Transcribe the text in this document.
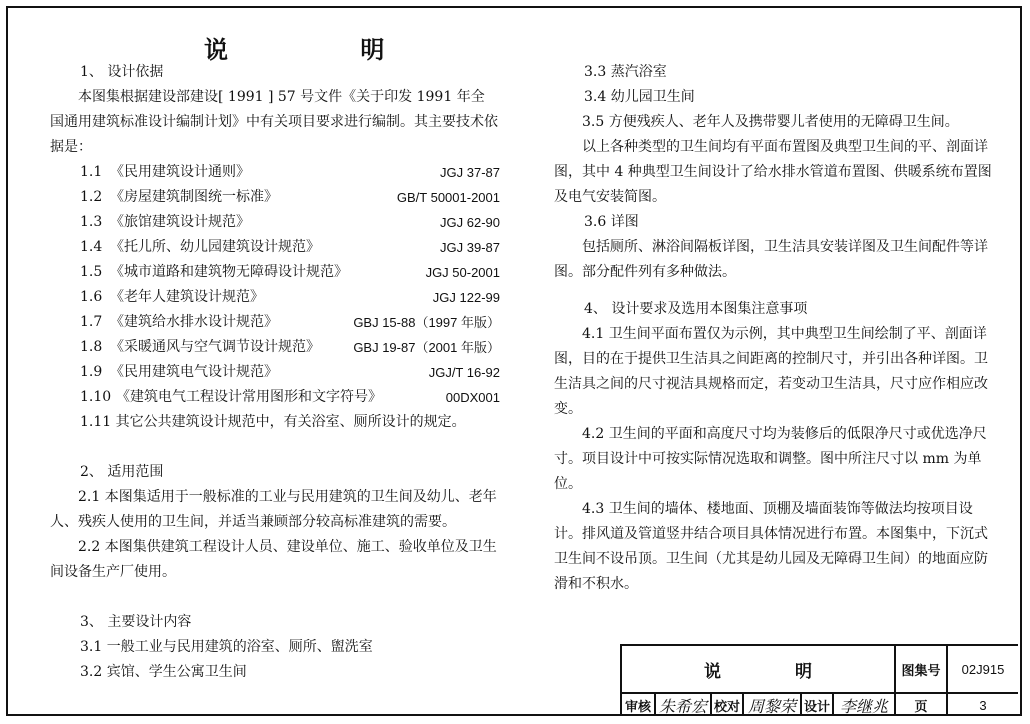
说 明
1、 设计依据

本图集根据建设部建设[ 1991 ] 57 号文件《关于印发 1991 年全国通用建筑标准设计编制计划》中有关项目要求进行编制。其主要技术依据是：

1.1 《民用建筑设计通则》	JGJ 37-87
1.2 《房屋建筑制图统一标准》	GB/T 50001-2001
1.3 《旅馆建筑设计规范》	JGJ 62-90
1.4 《托儿所、幼儿园建筑设计规范》	JGJ 39-87
1.5 《城市道路和建筑物无障碍设计规范》	JGJ 50-2001
1.6 《老年人建筑设计规范》	JGJ 122-99
1.7 《建筑给水排水设计规范》	GBJ 15-88（1997 年版）
1.8 《采暖通风与空气调节设计规范》	GBJ 19-87（2001 年版）
1.9 《民用建筑电气设计规范》	JGJ/T 16-92
1.10 《建筑电气工程设计常用图形和文字符号》	00DX001
1.11 其它公共建筑设计规范中，有关浴室、厕所设计的规定。
2、 适用范围

2.1 本图集适用于一般标准的工业与民用建筑的卫生间及幼儿、老年人、残疾人使用的卫生间，并适当兼顾部分较高标准建筑的需要。

2.2 本图集供建筑工程设计人员、建设单位、施工、验收单位及卫生间设备生产厂使用。

3、 主要设计内容
3.1 一般工业与民用建筑的浴室、厕所、盥洗室
3.2 宾馆、学生公寓卫生间
3.3 蒸汽浴室
3.4 幼儿园卫生间

3.5 方便残疾人、老年人及携带婴儿者使用的无障碍卫生间。

以上各种类型的卫生间均有平面布置图及典型卫生间的平、剖面详图，其中 4 种典型卫生间设计了给水排水管道布置图、供暖系统布置图及电气安装简图。

3.6 详图

包括厕所、淋浴间隔板详图，卫生洁具安装详图及卫生间配件等详图。部分配件列有多种做法。

4、 设计要求及选用本图集注意事项

4.1 卫生间平面布置仅为示例，其中典型卫生间绘制了平、剖面详图，目的在于提供卫生洁具之间距离的控制尺寸，并引出各种详图。卫生洁具之间的尺寸视洁具规格而定，若变动卫生洁具，尺寸应作相应改变。

4.2 卫生间的平面和高度尺寸均为装修后的低限净尺寸或优选净尺寸。项目设计中可按实际情况选取和调整。图中所注尺寸以 mm 为单位。

4.3 卫生间的墙体、楼地面、顶棚及墙面装饰等做法均按项目设计。排风道及管道竖井结合项目具体情况进行布置。本图集中，下沉式卫生间不设吊顶。卫生间（尤其是幼儿园及无障碍卫生间）的地面应防滑和不积水。

说 明	图集号	02J915
审核 朱希宏 校对 周黎荣 设计 李继兆	页	3
